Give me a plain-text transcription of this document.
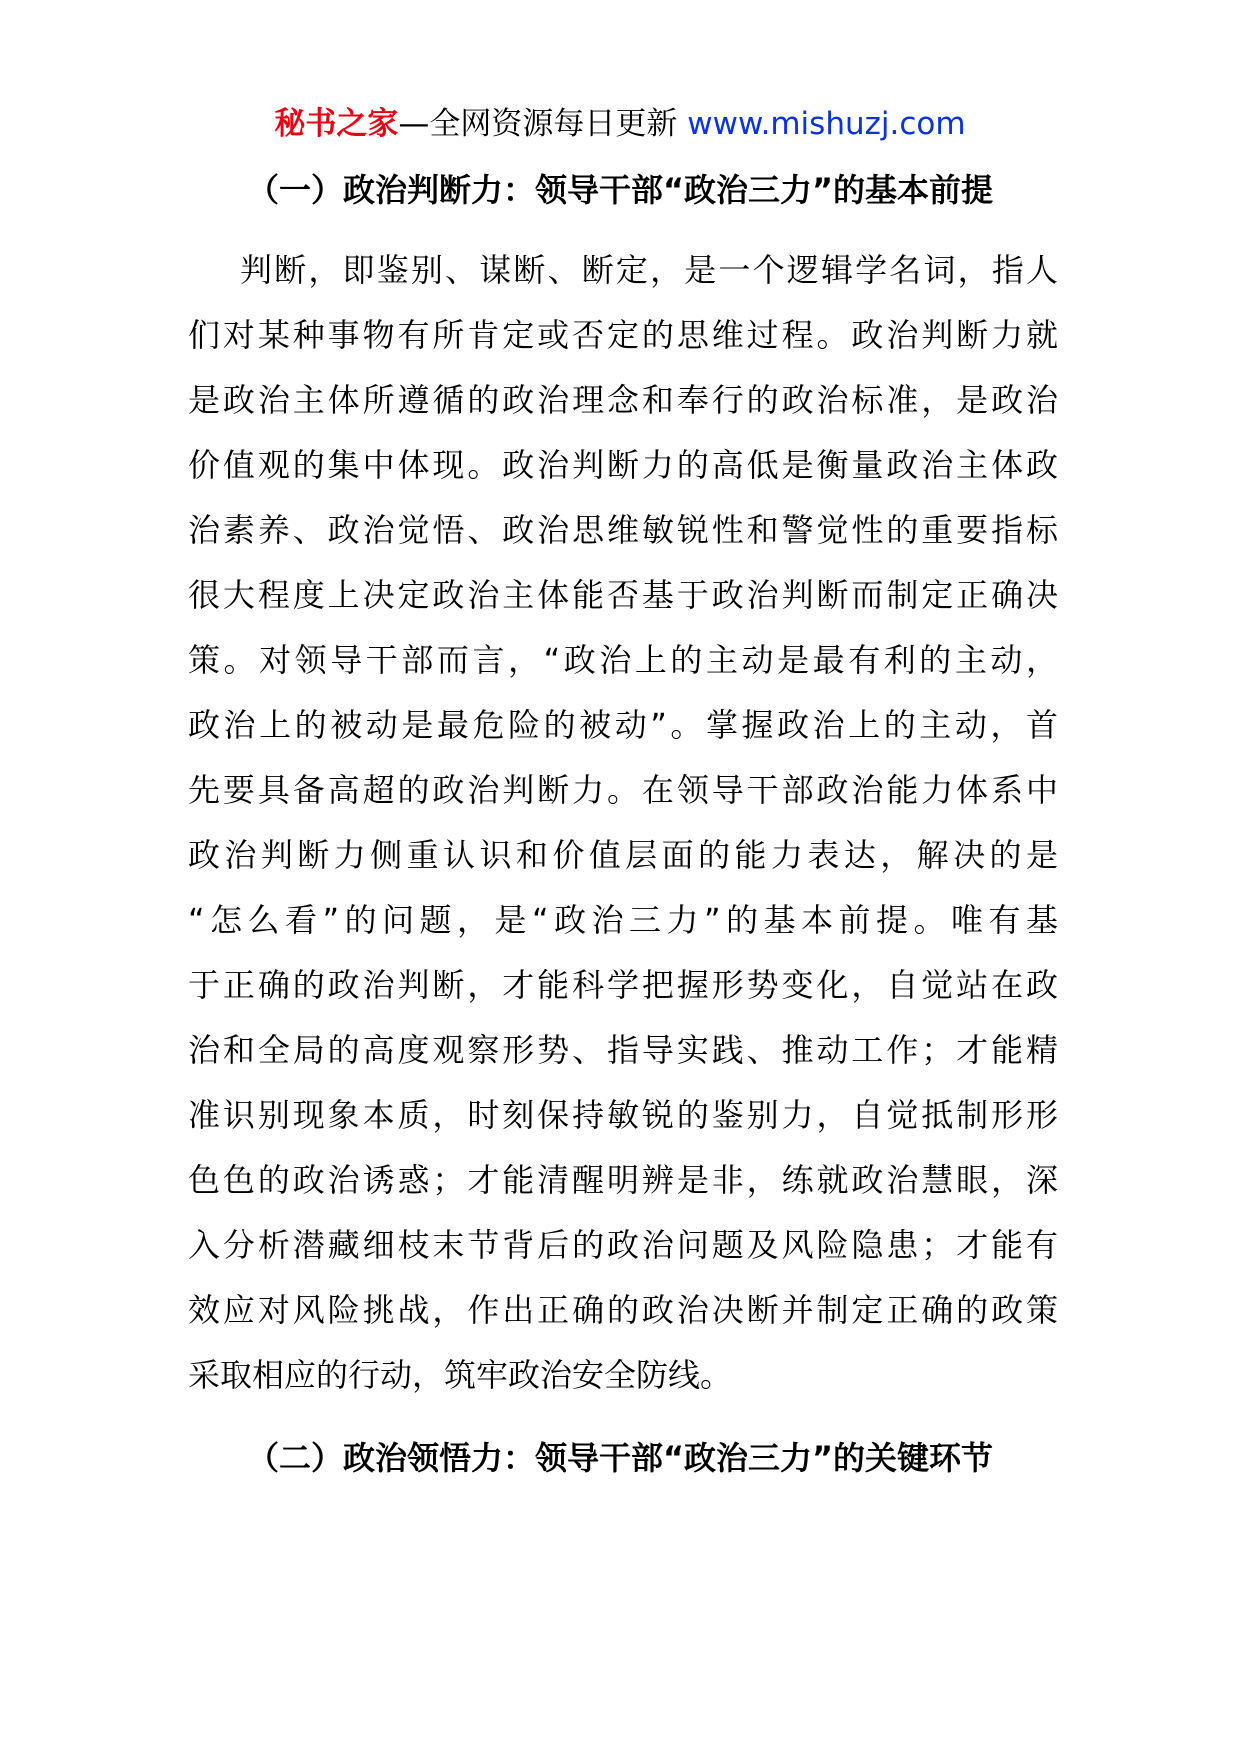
秘书之家—全网资源每日更新 www.mishuzj.com
（一）政治判断力：领导干部“政治三力”的基本前提
判断，即鉴别、谋断、断定，是一个逻辑学名词，指人
们对某种事物有所肯定或否定的思维过程。政治判断力就
是政治主体所遵循的政治理念和奉行的政治标准，是政治
价值观的集中体现。政治判断力的高低是衡量政治主体政
治素养、政治觉悟、政治思维敏锐性和警觉性的重要指标
很大程度上决定政治主体能否基于政治判断而制定正确决
策。对领导干部而言，“政治上的主动是最有利的主动，
政治上的被动是最危险的被动”。掌握政治上的主动，首
先要具备高超的政治判断力。在领导干部政治能力体系中
政治判断力侧重认识和价值层面的能力表达，解决的是
“怎么看”的问题，是“政治三力”的基本前提。唯有基
于正确的政治判断，才能科学把握形势变化，自觉站在政
治和全局的高度观察形势、指导实践、推动工作；才能精
准识别现象本质，时刻保持敏锐的鉴别力，自觉抵制形形
色色的政治诱惑；才能清醒明辨是非，练就政治慧眼，深
入分析潜藏细枝末节背后的政治问题及风险隐患；才能有
效应对风险挑战，作出正确的政治决断并制定正确的政策
采取相应的行动，筑牢政治安全防线。
（二）政治领悟力：领导干部“政治三力”的关键环节
